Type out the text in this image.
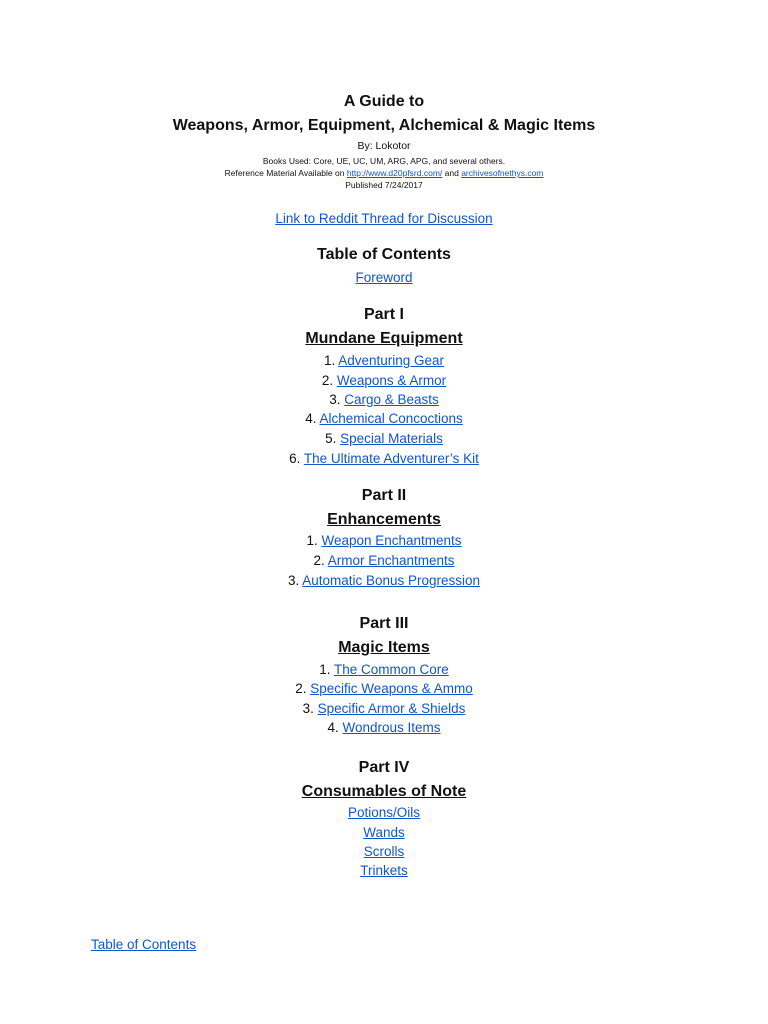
A Guide to
Weapons, Armor, Equipment, Alchemical & Magic Items
By: Lokotor
Books Used: Core, UE, UC, UM, ARG, APG, and several others.
Reference Material Available on http://www.d20pfsrd.com/ and archivesofnethys.com
Published 7/24/2017
Link to Reddit Thread for Discussion
Table of Contents
Foreword
Part I
Mundane Equipment
1. Adventuring Gear
2. Weapons & Armor
3. Cargo & Beasts
4. Alchemical Concoctions
5. Special Materials
6. The Ultimate Adventurer’s Kit
Part II
Enhancements
1. Weapon Enchantments
2. Armor Enchantments
3. Automatic Bonus Progression
Part III
Magic Items
1. The Common Core
2. Specific Weapons & Ammo
3. Specific Armor & Shields
4. Wondrous Items
Part IV
Consumables of Note
Potions/Oils
Wands
Scrolls
Trinkets
Table of Contents
